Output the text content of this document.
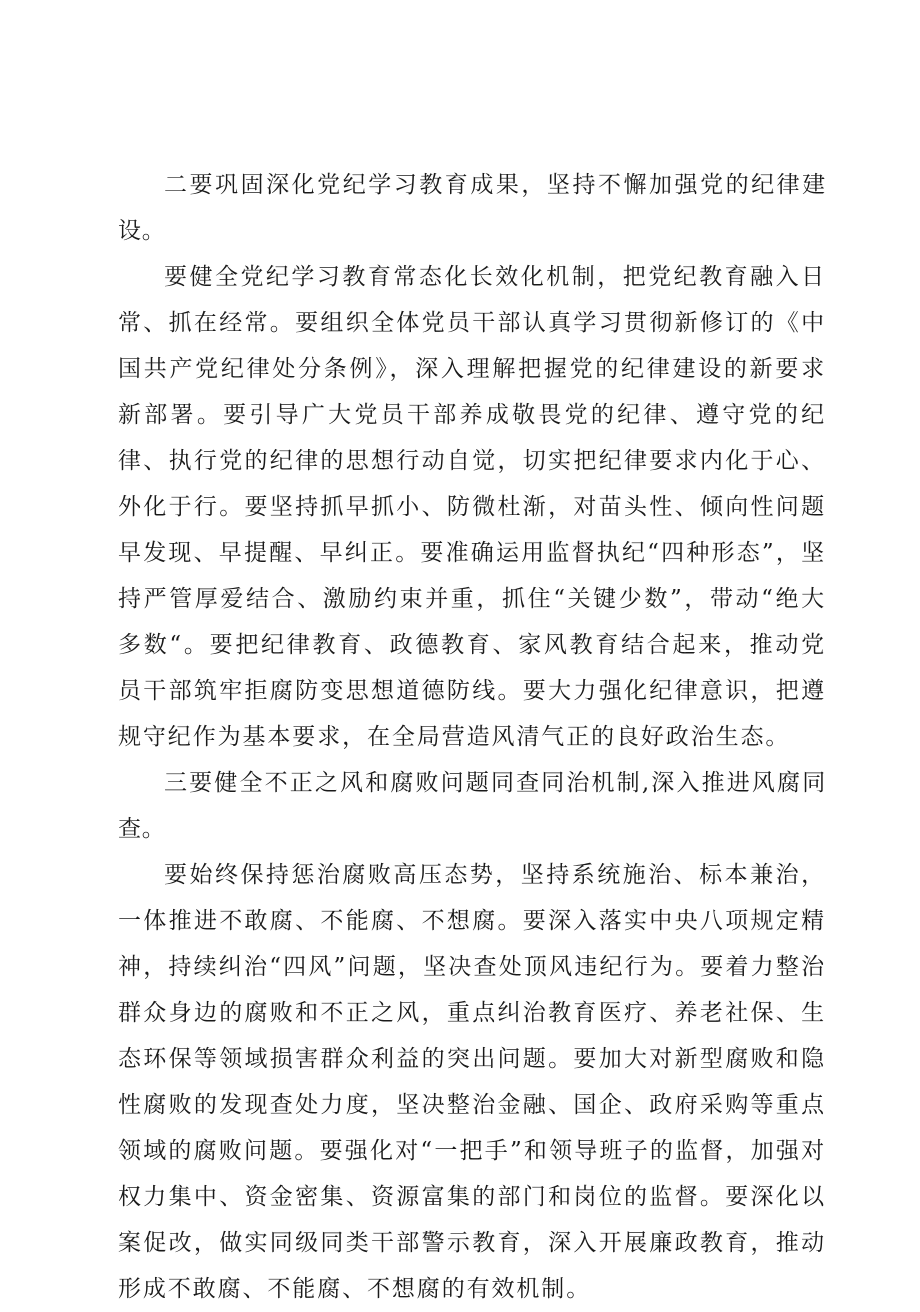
二要巩固深化党纪学习教育成果，坚持不懈加强党的纪律建设。

要健全党纪学习教育常态化长效化机制，把党纪教育融入日常、抓在经常。要组织全体党员干部认真学习贯彻新修订的《中国共产党纪律处分条例》，深入理解把握党的纪律建设的新要求新部署。要引导广大党员干部养成敬畏党的纪律、遵守党的纪律、执行党的纪律的思想行动自觉，切实把纪律要求内化于心、外化于行。要坚持抓早抓小、防微杜渐，对苗头性、倾向性问题早发现、早提醒、早纠正。要准确运用监督执纪“四种形态”，坚持严管厚爱结合、激励约束并重，抓住“关键少数”，带动“绝大多数“。要把纪律教育、政德教育、家风教育结合起来，推动党员干部筑牢拒腐防变思想道德防线。要大力强化纪律意识，把遵规守纪作为基本要求，在全局营造风清气正的良好政治生态。

三要健全不正之风和腐败问题同查同治机制,深入推进风腐同查。

要始终保持惩治腐败高压态势，坚持系统施治、标本兼治，一体推进不敢腐、不能腐、不想腐。要深入落实中央八项规定精神，持续纠治“四风”问题，坚决查处顶风违纪行为。要着力整治群众身边的腐败和不正之风，重点纠治教育医疗、养老社保、生态环保等领域损害群众利益的突出问题。要加大对新型腐败和隐性腐败的发现查处力度，坚决整治金融、国企、政府采购等重点领域的腐败问题。要强化对“一把手”和领导班子的监督，加强对权力集中、资金密集、资源富集的部门和岗位的监督。要深化以案促改，做实同级同类干部警示教育，深入开展廉政教育，推动形成不敢腐、不能腐、不想腐的有效机制。
